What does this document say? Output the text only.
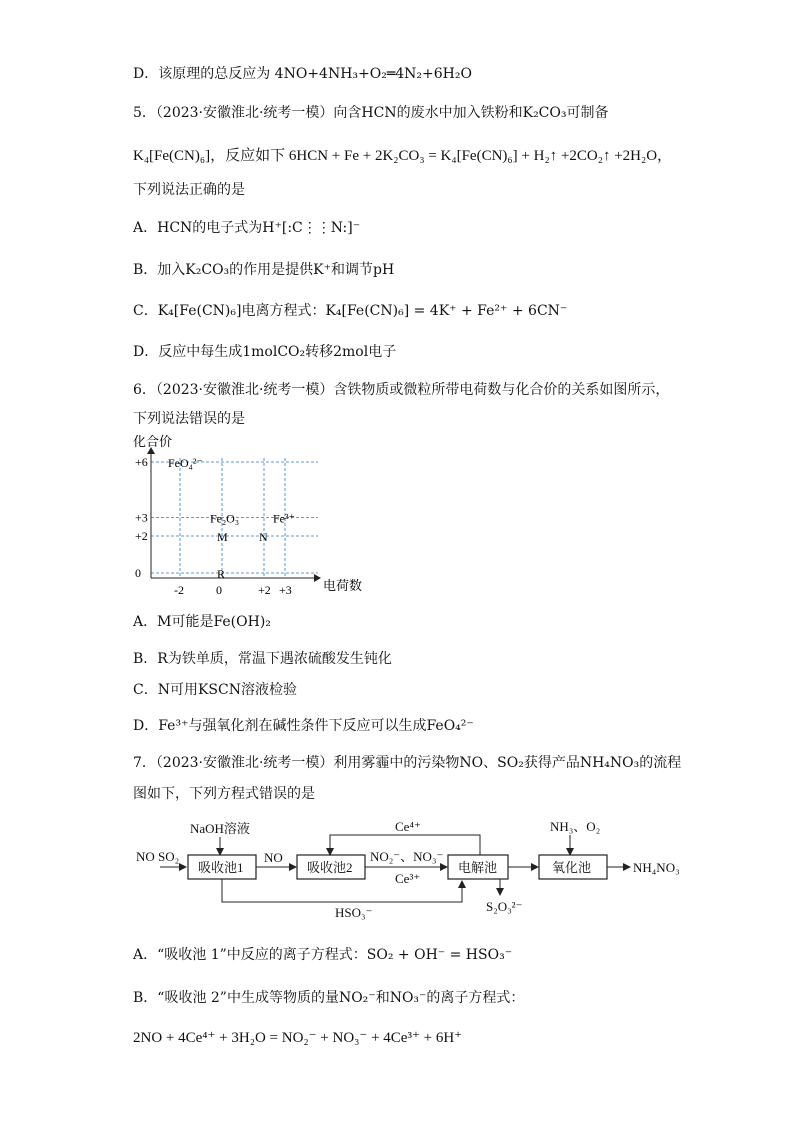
D．该原理的总反应为 4NO+4NH₃+O₂═4N₂+6H₂O
5．（2023·安徽淮北·统考一模）向含HCN的废水中加入铁粉和K₂CO₃可制备
K₄[Fe(CN)₆]，反应如下 6HCN + Fe + 2K₂CO₃ = K₄[Fe(CN)₆] + H₂↑ +2CO₂↑ +2H₂O，
下列说法正确的是
A．HCN的电子式为H⁺[:C⋮⋮N:]⁻
B．加入K₂CO₃的作用是提供K⁺和调节pH
C．K₄[Fe(CN)₆]电离方程式：K₄[Fe(CN)₆] = 4K⁺ + Fe²⁺ + 6CN⁻
D．反应中每生成1molCO₂转移2mol电子
6．（2023·安徽淮北·统考一模）含铁物质或微粒所带电荷数与化合价的关系如图所示，
下列说法错误的是
化合价
电荷数
-2	0	+2 +3
+6
+3
+2
0
FeO₄²⁻
Fe₂O₃
M
R
N
Fe³⁺
A．M可能是Fe(OH)₂
B．R为铁单质，常温下遇浓硫酸发生钝化
C．N可用KSCN溶液检验
D．Fe³⁺与强氧化剂在碱性条件下反应可以生成FeO₄²⁻
7．（2023·安徽淮北·统考一模）利用雾霾中的污染物NO、SO₂获得产品NH₄NO₃的流程
图如下，下列方程式错误的是
NO SO₂
NaOH溶液
吸收池1
NO
吸收池2
NO₂⁻、NO₃⁻
Ce³⁺
Ce⁴⁺
电解池
HSO₃⁻	S₂O₃²⁻
NH₃、O₂
氧化池	NH₄NO₃
A．“吸收池 1”中反应的离子方程式：SO₂ + OH⁻ = HSO₃⁻
B．“吸收池 2”中生成等物质的量NO₂⁻和NO₃⁻的离子方程式：
2NO + 4Ce⁴⁺ + 3H₂O = NO₂⁻ + NO₃⁻ + 4Ce³⁺ + 6H⁺
